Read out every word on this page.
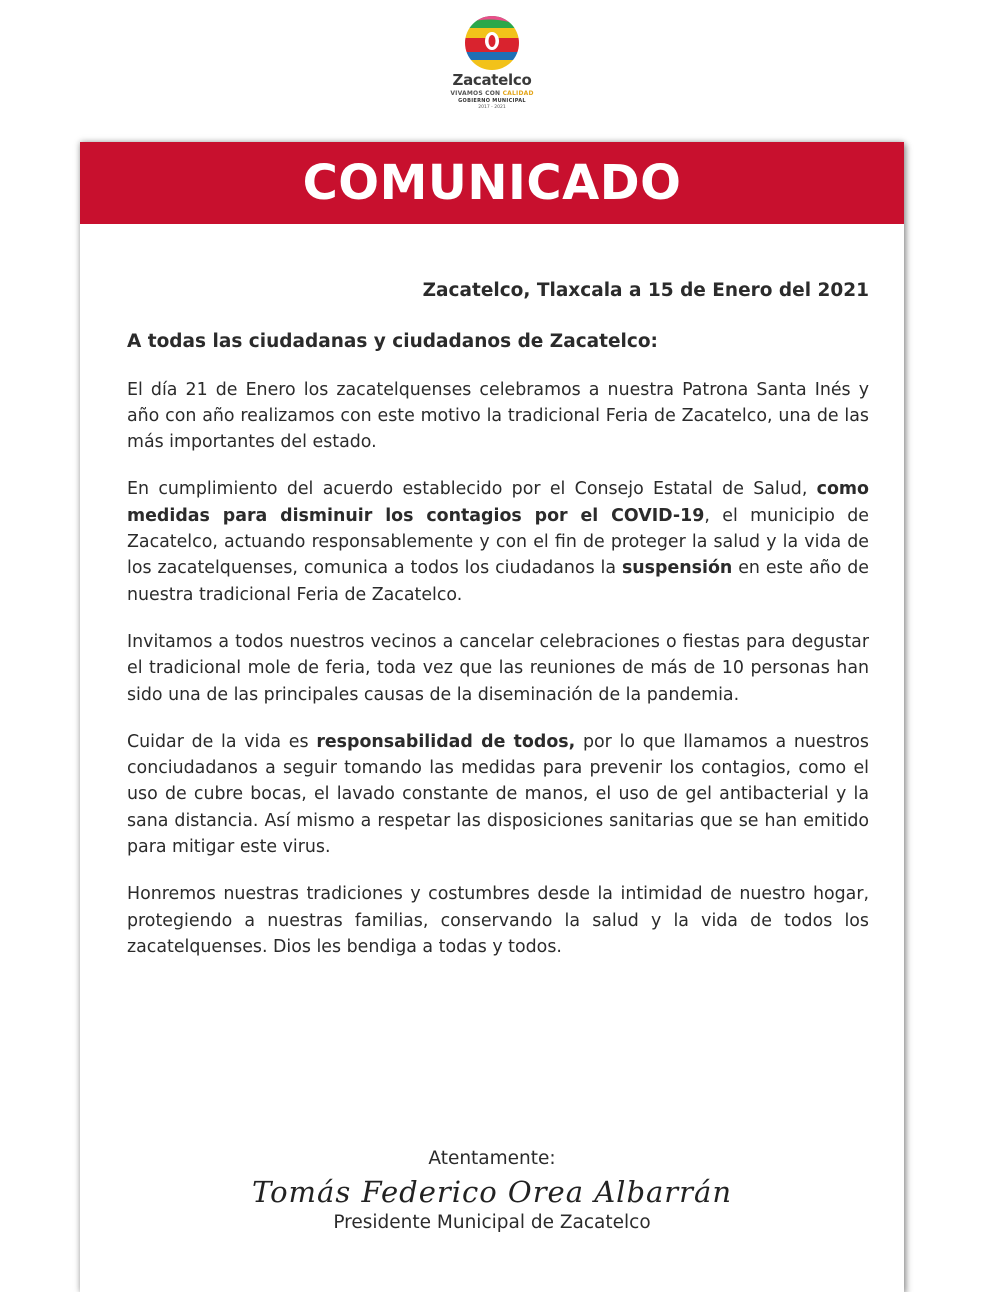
Zacatelco
VIVAMOS CON CALIDAD
GOBIERNO MUNICIPAL
2017 - 2021
COMUNICADO

Zacatelco, Tlaxcala a 15 de Enero del 2021

A todas las ciudadanas y ciudadanos de Zacatelco:

El día 21 de Enero los zacatelquenses celebramos a nuestra Patrona Santa Inés y año con año realizamos con este motivo la tradicional Feria de Zacatelco, una de las más importantes del estado.

En cumplimiento del acuerdo establecido por el Consejo Estatal de Salud, como medidas para disminuir los contagios por el COVID-19, el municipio de Zacatelco, actuando responsablemente y con el fin de proteger la salud y la vida de los zacatelquenses, comunica a todos los ciudadanos la suspensión en este año de nuestra tradicional Feria de Zacatelco.

Invitamos a todos nuestros vecinos a cancelar celebraciones o fiestas para degustar el tradicional mole de feria, toda vez que las reuniones de más de 10 personas han sido una de las principales causas de la diseminación de la pandemia.

Cuidar de la vida es responsabilidad de todos, por lo que llamamos a nuestros conciudadanos a seguir tomando las medidas para prevenir los contagios, como el uso de cubre bocas, el lavado constante de manos, el uso de gel antibacterial y la sana distancia. Así mismo a respetar las disposiciones sanitarias que se han emitido para mitigar este virus.

Honremos nuestras tradiciones y costumbres desde la intimidad de nuestro hogar, protegiendo a nuestras familias, conservando la salud y la vida de todos los zacatelquenses. Dios les bendiga a todas y todos.

Atentamente:
Tomás Federico Orea Albarrán
Presidente Municipal de Zacatelco
